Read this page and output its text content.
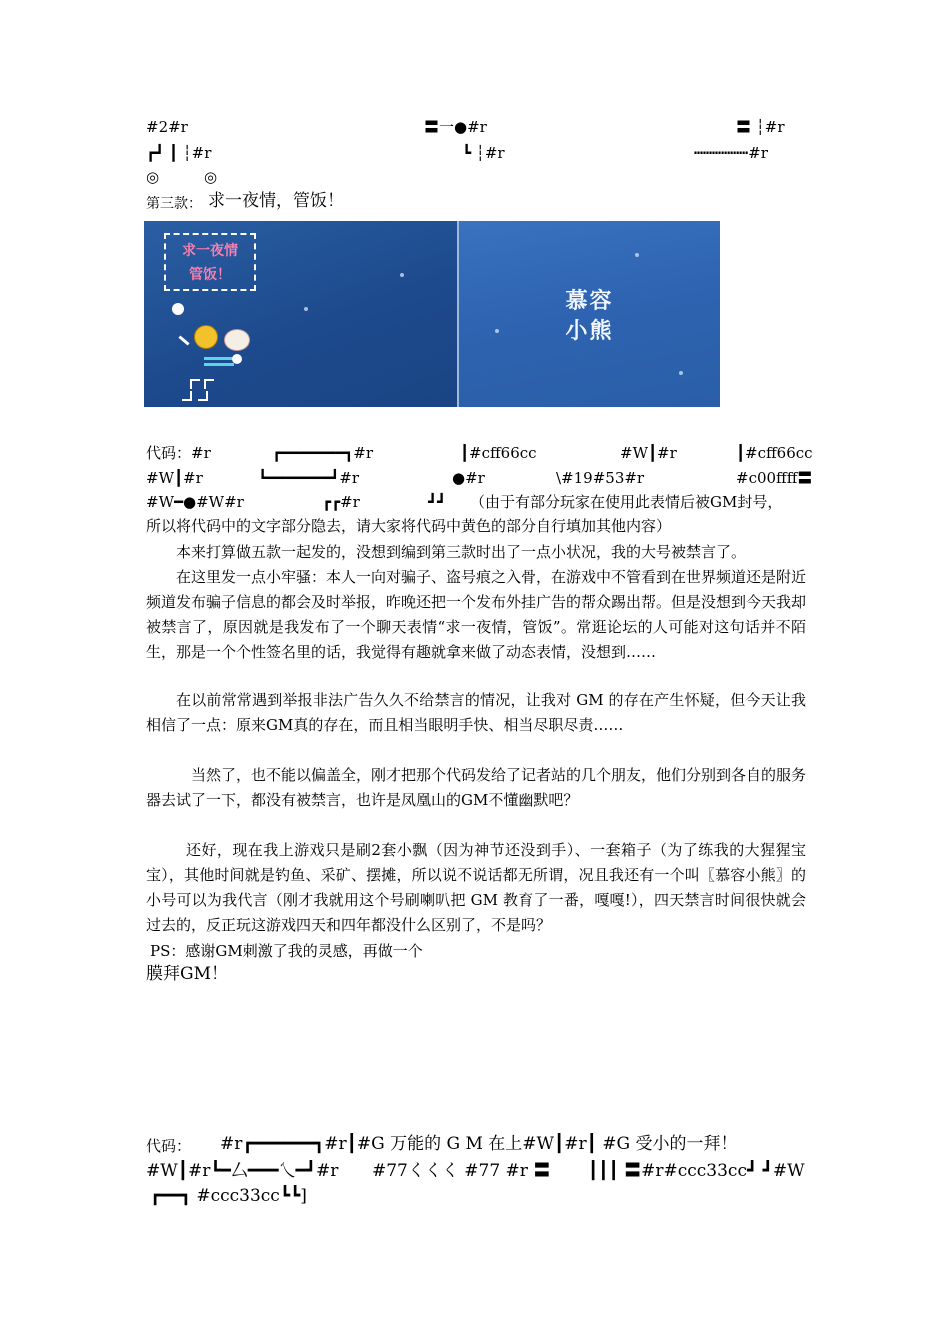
#2#r	〓一●#r	〓 ┆#r
┏┛ ┃ ┆#r	┗ ┆#r	┅┅┅┅┅┅#r
◎	◎
第三款： 求一夜情，管饭！
求一夜情
管饭！
慕容
小熊
代码：#r	┏━━━━━━━┓#r	┃#cff66cc	#W┃#r	┃#cff66cc
#W┃#r	┗━━━━━━━┛#r	●#r	\#19#53#r	#c00ffff〓
#W━●#W#r	┏┏#r	┛┛ （由于有部分玩家在使用此表情后被GM封号，
所以将代码中的文字部分隐去，请大家将代码中黄色的部分自行填加其他内容）
本来打算做五款一起发的，没想到编到第三款时出了一点小状况，我的大号被禁言了。
在这里发一点小牢骚：本人一向对骗子、盗号痕之入骨，在游戏中不管看到在世界频道还是附近频道发布骗子信息的都会及时举报，昨晚还把一个发布外挂广告的帮众踢出帮。但是没想到今天我却被禁言了，原因就是我发布了一个聊天表情“求一夜情，管饭”。常逛论坛的人可能对这句话并不陌生，那是一个个性签名里的话，我觉得有趣就拿来做了动态表情，没想到……
在以前常常遇到举报非法广告久久不给禁言的情况，让我对 GM 的存在产生怀疑，但今天让我相信了一点：原来GM真的存在，而且相当眼明手快、相当尽职尽责……
当然了，也不能以偏盖全，刚才把那个代码发给了记者站的几个朋友，他们分别到各自的服务器去试了一下，都没有被禁言，也许是凤凰山的GM不懂幽默吧？
还好，现在我上游戏只是刷2套小飘（因为神节还没到手）、一套箱子（为了练我的大猩猩宝宝），其他时间就是钓鱼、采矿、摆摊，所以说不说话都无所谓，况且我还有一个叫〖慕容小熊〗的小号可以为我代言（刚才我就用这个号刷喇叭把 GM 教育了一番，嘎嘎!），四天禁言时间很快就会过去的，反正玩这游戏四天和四年都没什么区别了，不是吗？
PS：感谢GM刺激了我的灵感，再做一个
膜拜GM！
代码： #r┏━━━━━━┓#r┃#G 万能的 G M 在上#W┃#r┃ #G 受小的一拜！
#W┃#r┗━厶━━━乀━┛#r #77くくく #77 #r 〓 ┃┃┃ 〓#r#ccc33cc┛ ┛#W
┏━━┓ #ccc33cc┗┗]
